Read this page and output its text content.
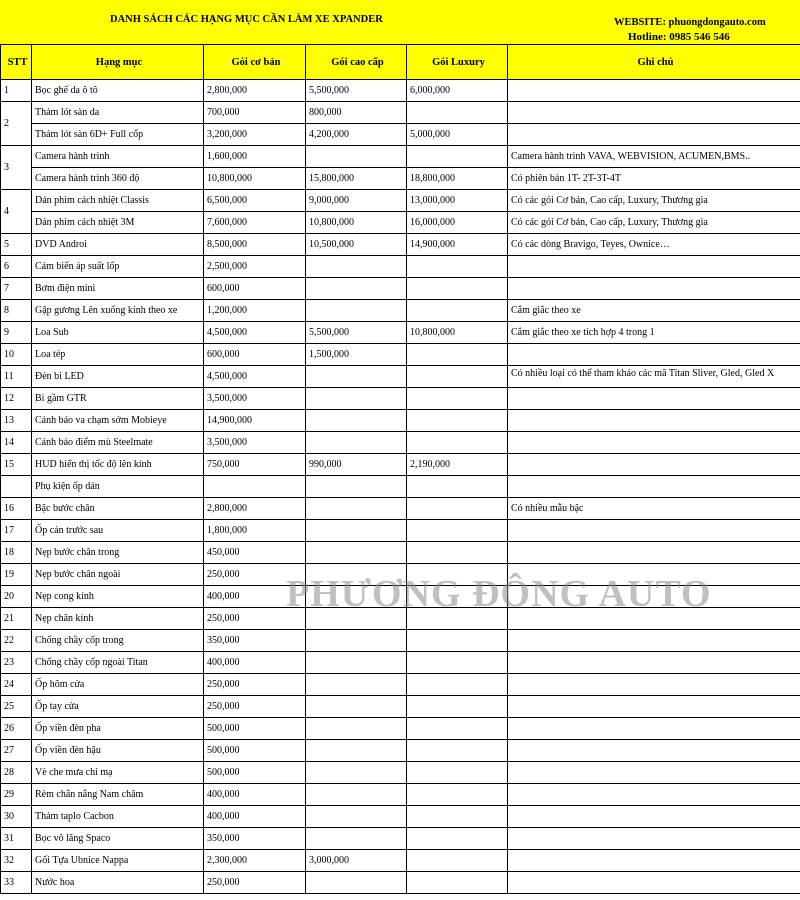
DANH SÁCH CÁC HẠNG MỤC CẦN LÀM XE XPANDER	WEBSITE: phuongdongauto.com
Hotline: 0985 546 546
STT	Hạng mục	Gói cơ bản	Gói cao cấp	Gói Luxury	Ghi chú
1	Bọc ghế da ô tô	2,800,000	5,500,000	6,000,000	
2	Thảm lót sàn da	700,000	800,000		
	Thảm lót sàn 6D+ Full cốp	3,200,000	4,200,000	5,000,000	
3	Camera hành trình	1,600,000			Camera hành trình VAVA, WEBVISION, ACUMEN,BMS..
	Camera hành trình 360 độ	10,800,000	15,800,000	18,800,000	Có phiên bản 1T- 2T-3T-4T
4	Dán phim cách nhiệt Classis	6,500,000	9,000,000	13,000,000	Có các gói Cơ bản, Cao cấp, Luxury, Thương gia
	Dán phim cách nhiệt 3M	7,600,000	10,800,000	16,000,000	Có các gói Cơ bản, Cao cấp, Luxury, Thương gia
5	DVD Androi	8,500,000	10,500,000	14,900,000	Có các dòng Bravigo, Teyes, Ownice…
6	Cảm biến áp suất lốp	2,500,000			
7	Bơm điện mini	600,000			
8	Gập gương Lên xuống kính theo xe	1,200,000			Cắm giắc theo xe
9	Loa Sub	4,500,000	5,500,000	10,800,000	Cắm giắc theo xe tích hợp 4 trong 1
10	Loa tép	600,000	1,500,000		
11	Đèn bi LED	4,500,000			Có nhiều loại có thể tham khảo các mã Titan Sliver, Gled, Gled X
12	Bi gầm GTR	3,500,000			
13	Cảnh báo va chạm sớm Mobieye	14,900,000			
14	Cảnh báo điểm mù Steelmate	3,500,000			
15	HUD hiển thị tốc độ lên kính	750,000	990,000	2,190,000	
	Phụ kiện ốp dán				
16	Bậc bước chân	2,800,000			Có nhiều mẫu bậc
17	Ốp cản trước sau	1,800,000			
18	Nẹp bước chân trong	450,000			
19	Nẹp bước chân ngoài	250,000			
20	Nẹp cong kính	400,000			
21	Nẹp chân kính	250,000			
22	Chống chầy cốp trong	350,000			
23	Chống chầy cốp ngoài Titan	400,000			
24	Ốp hõm cửa	250,000			
25	Ốp tay cửa	250,000			
26	Ốp viền đèn pha	500,000			
27	Ốp viền đèn hậu	500,000			
28	Vè che mưa chỉ mạ	500,000			
29	Rèm chắn nắng Nam châm	400,000			
30	Thảm taplo Cacbon	400,000			
31	Bọc vô lăng Spaco	350,000			
32	Gối Tựa Ubnice Nappa	2,300,000	3,000,000		
33	Nước hoa	250,000			
PHƯƠNG ĐÔNG AUTO
